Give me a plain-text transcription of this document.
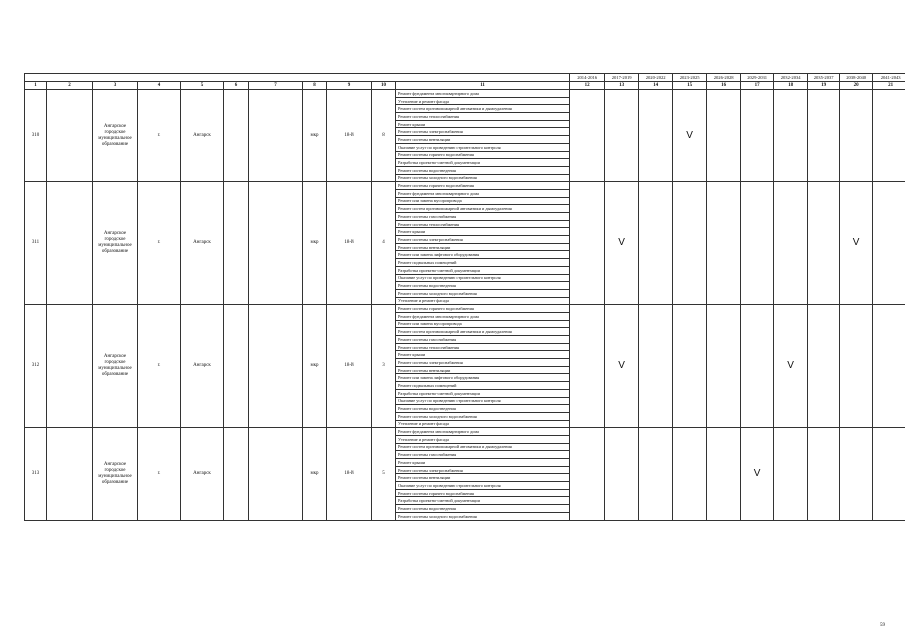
											2014-2016	2017-2019	2020-2022	2023-2025	2026-2028	2029-2031	2032-2034	2035-2037	2038-2040	2041-2043
1	2	3	4	5	6	7	8	9	10	11	12	13	14	15	16	17	18	19	20	21
310		Ангарское городское муниципальное образование	г.	Ангарск			мкр	18-й	8	Ремонт фундамента многоквартирного дома				V						
										Утепление и ремонт фасада										
										Ремонт систем противопожарной автоматики и дымоудаления										
										Ремонт системы теплоснабжения										
										Ремонт крыши										
										Ремонт системы электроснабжения										
										Ремонт системы вентиляции										
										Оказание услуг по проведению строительного контроля										
										Ремонт системы горячего водоснабжения										
										Разработка проектно-сметной документации										
										Ремонт системы водоотведения										
										Ремонт системы холодного водоснабжения										
311		Ангарское городское муниципальное образование	г.	Ангарск			мкр	18-й	4	Ремонт системы горячего водоснабжения		V							V	
										Ремонт фундамента многоквартирного дома										
										Ремонт или замена мусоропровода										
										Ремонт систем противопожарной автоматики и дымоудаления										
										Ремонт системы газоснабжения										
										Ремонт системы теплоснабжения										
										Ремонт крыши										
										Ремонт системы электроснабжения										
										Ремонт системы вентиляции										
										Ремонт или замена лифтового оборудования										
										Ремонт подвальных помещений										
										Разработка проектно-сметной документации										
										Оказание услуг по проведению строительного контроля										
										Ремонт системы водоотведения										
										Ремонт системы холодного водоснабжения										
										Утепление и ремонт фасада										
312		Ангарское городское муниципальное образование	г.	Ангарск			мкр	18-й	3	Ремонт системы горячего водоснабжения		V					V			
										Ремонт фундамента многоквартирного дома										
										Ремонт или замена мусоропровода										
										Ремонт систем противопожарной автоматики и дымоудаления										
										Ремонт системы газоснабжения										
										Ремонт системы теплоснабжения										
										Ремонт крыши										
										Ремонт системы электроснабжения										
										Ремонт системы вентиляции										
										Ремонт или замена лифтового оборудования										
										Ремонт подвальных помещений										
										Разработка проектно-сметной документации										
										Оказание услуг по проведению строительного контроля										
										Ремонт системы водоотведения										
										Ремонт системы холодного водоснабжения										
										Утепление и ремонт фасада										
313		Ангарское городское муниципальное образование	г.	Ангарск			мкр	18-й	5	Ремонт фундамента многоквартирного дома						V				
										Утепление и ремонт фасада										
										Ремонт систем противопожарной автоматики и дымоудаления										
										Ремонт системы газоснабжения										
										Ремонт крыши										
										Ремонт системы электроснабжения										
										Ремонт системы вентиляции										
										Оказание услуг по проведению строительного контроля										
										Ремонт системы горячего водоснабжения										
										Разработка проектно-сметной документации										
										Ремонт системы водоотведения										
										Ремонт системы холодного водоснабжения										
59
